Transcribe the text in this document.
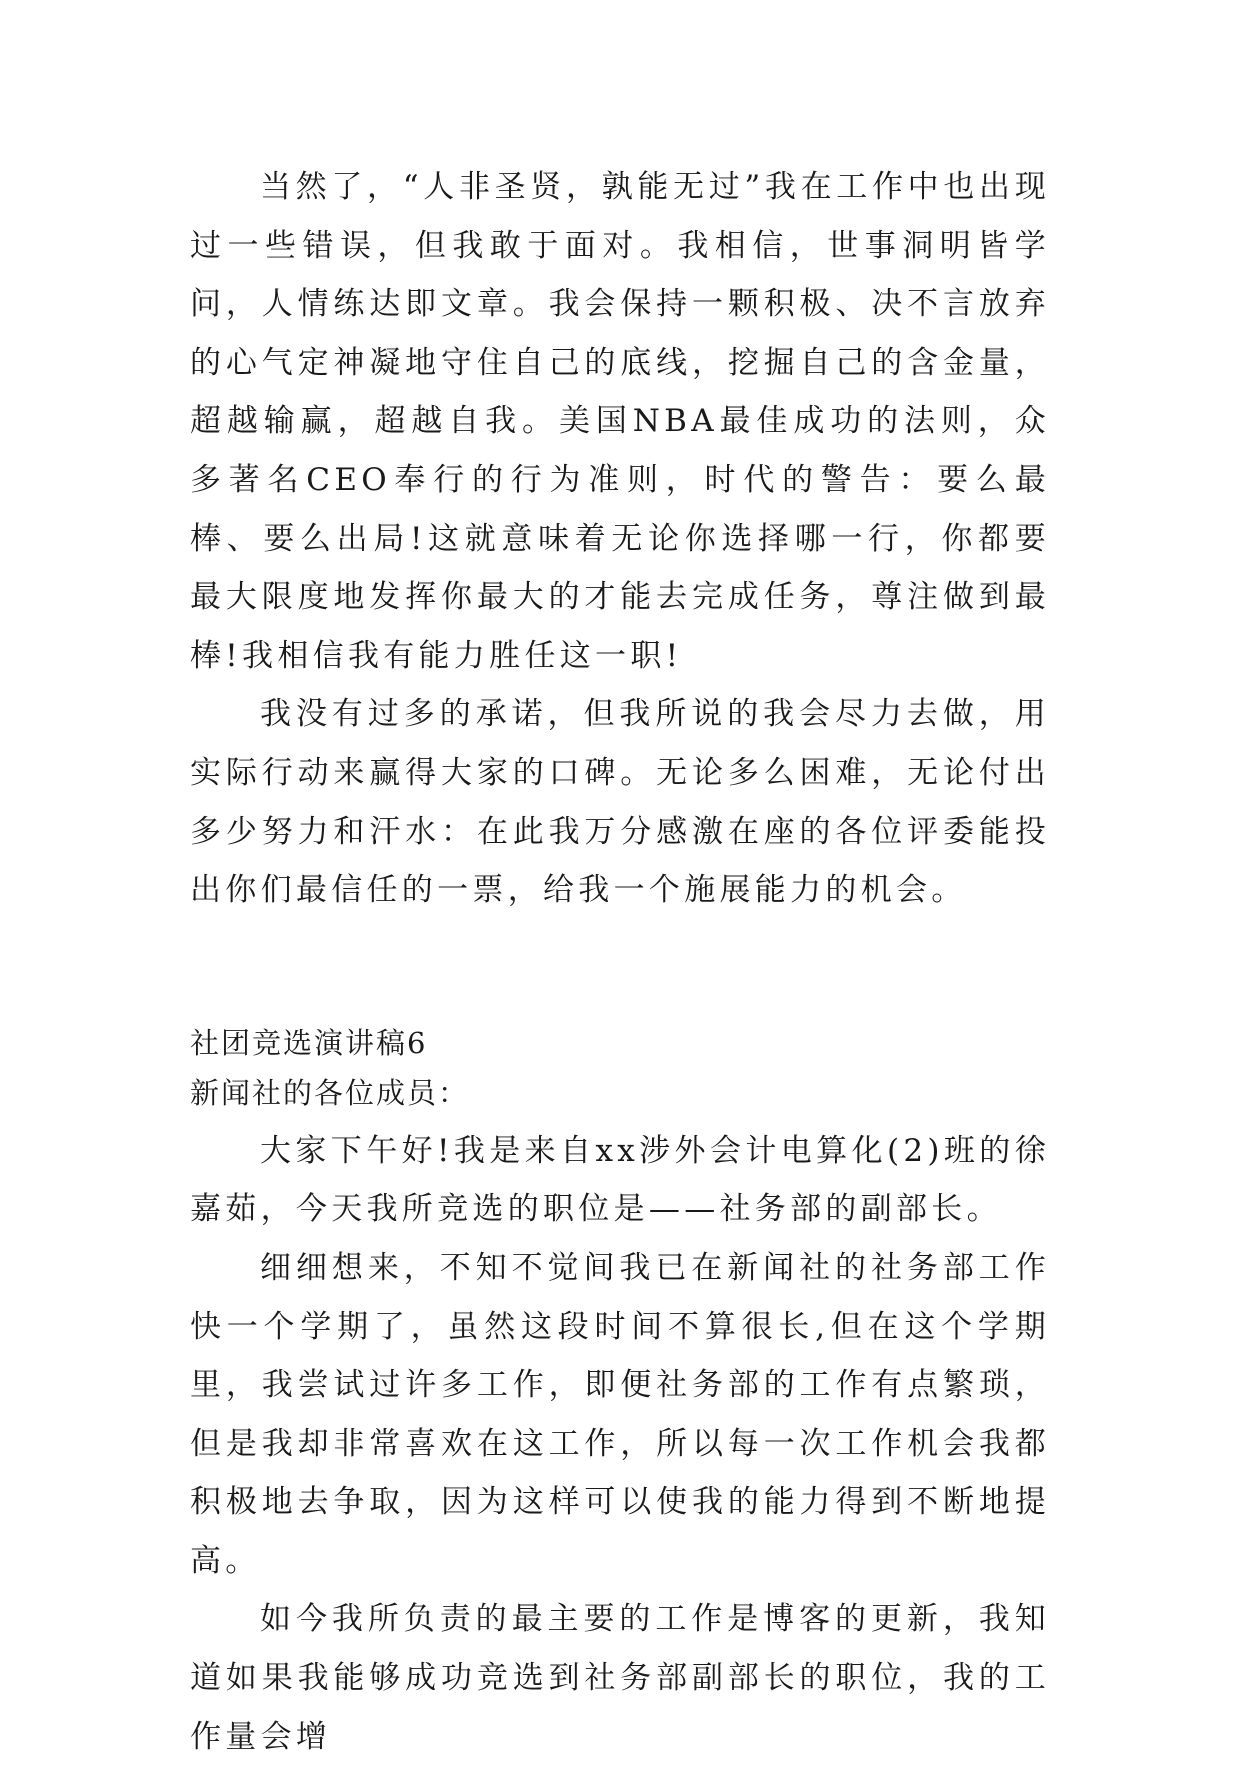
当然了，“人非圣贤，孰能无过”我在工作中也出现过一些错误，但我敢于面对。我相信，世事洞明皆学问，人情练达即文章。我会保持一颗积极、决不言放弃的心气定神凝地守住自己的底线，挖掘自己的含金量，超越输赢，超越自我。美国NBA最佳成功的法则，众多著名CEO奉行的行为准则，时代的警告：要么最棒、要么出局!这就意味着无论你选择哪一行，你都要最大限度地发挥你最大的才能去完成任务，尊注做到最棒!我相信我有能力胜任这一职!

我没有过多的承诺，但我所说的我会尽力去做，用实际行动来赢得大家的口碑。无论多么困难，无论付出多少努力和汗水：在此我万分感激在座的各位评委能投出你们最信任的一票，给我一个施展能力的机会。

社团竞选演讲稿6

新闻社的各位成员：

大家下午好!我是来自xx涉外会计电算化(2)班的徐嘉茹，今天我所竞选的职位是——社务部的副部长。

细细想来，不知不觉间我已在新闻社的社务部工作快一个学期了，虽然这段时间不算很长,但在这个学期里，我尝试过许多工作，即便社务部的工作有点繁琐，但是我却非常喜欢在这工作，所以每一次工作机会我都积极地去争取，因为这样可以使我的能力得到不断地提高。

如今我所负责的最主要的工作是博客的更新，我知道如果我能够成功竞选到社务部副部长的职位，我的工作量会增
